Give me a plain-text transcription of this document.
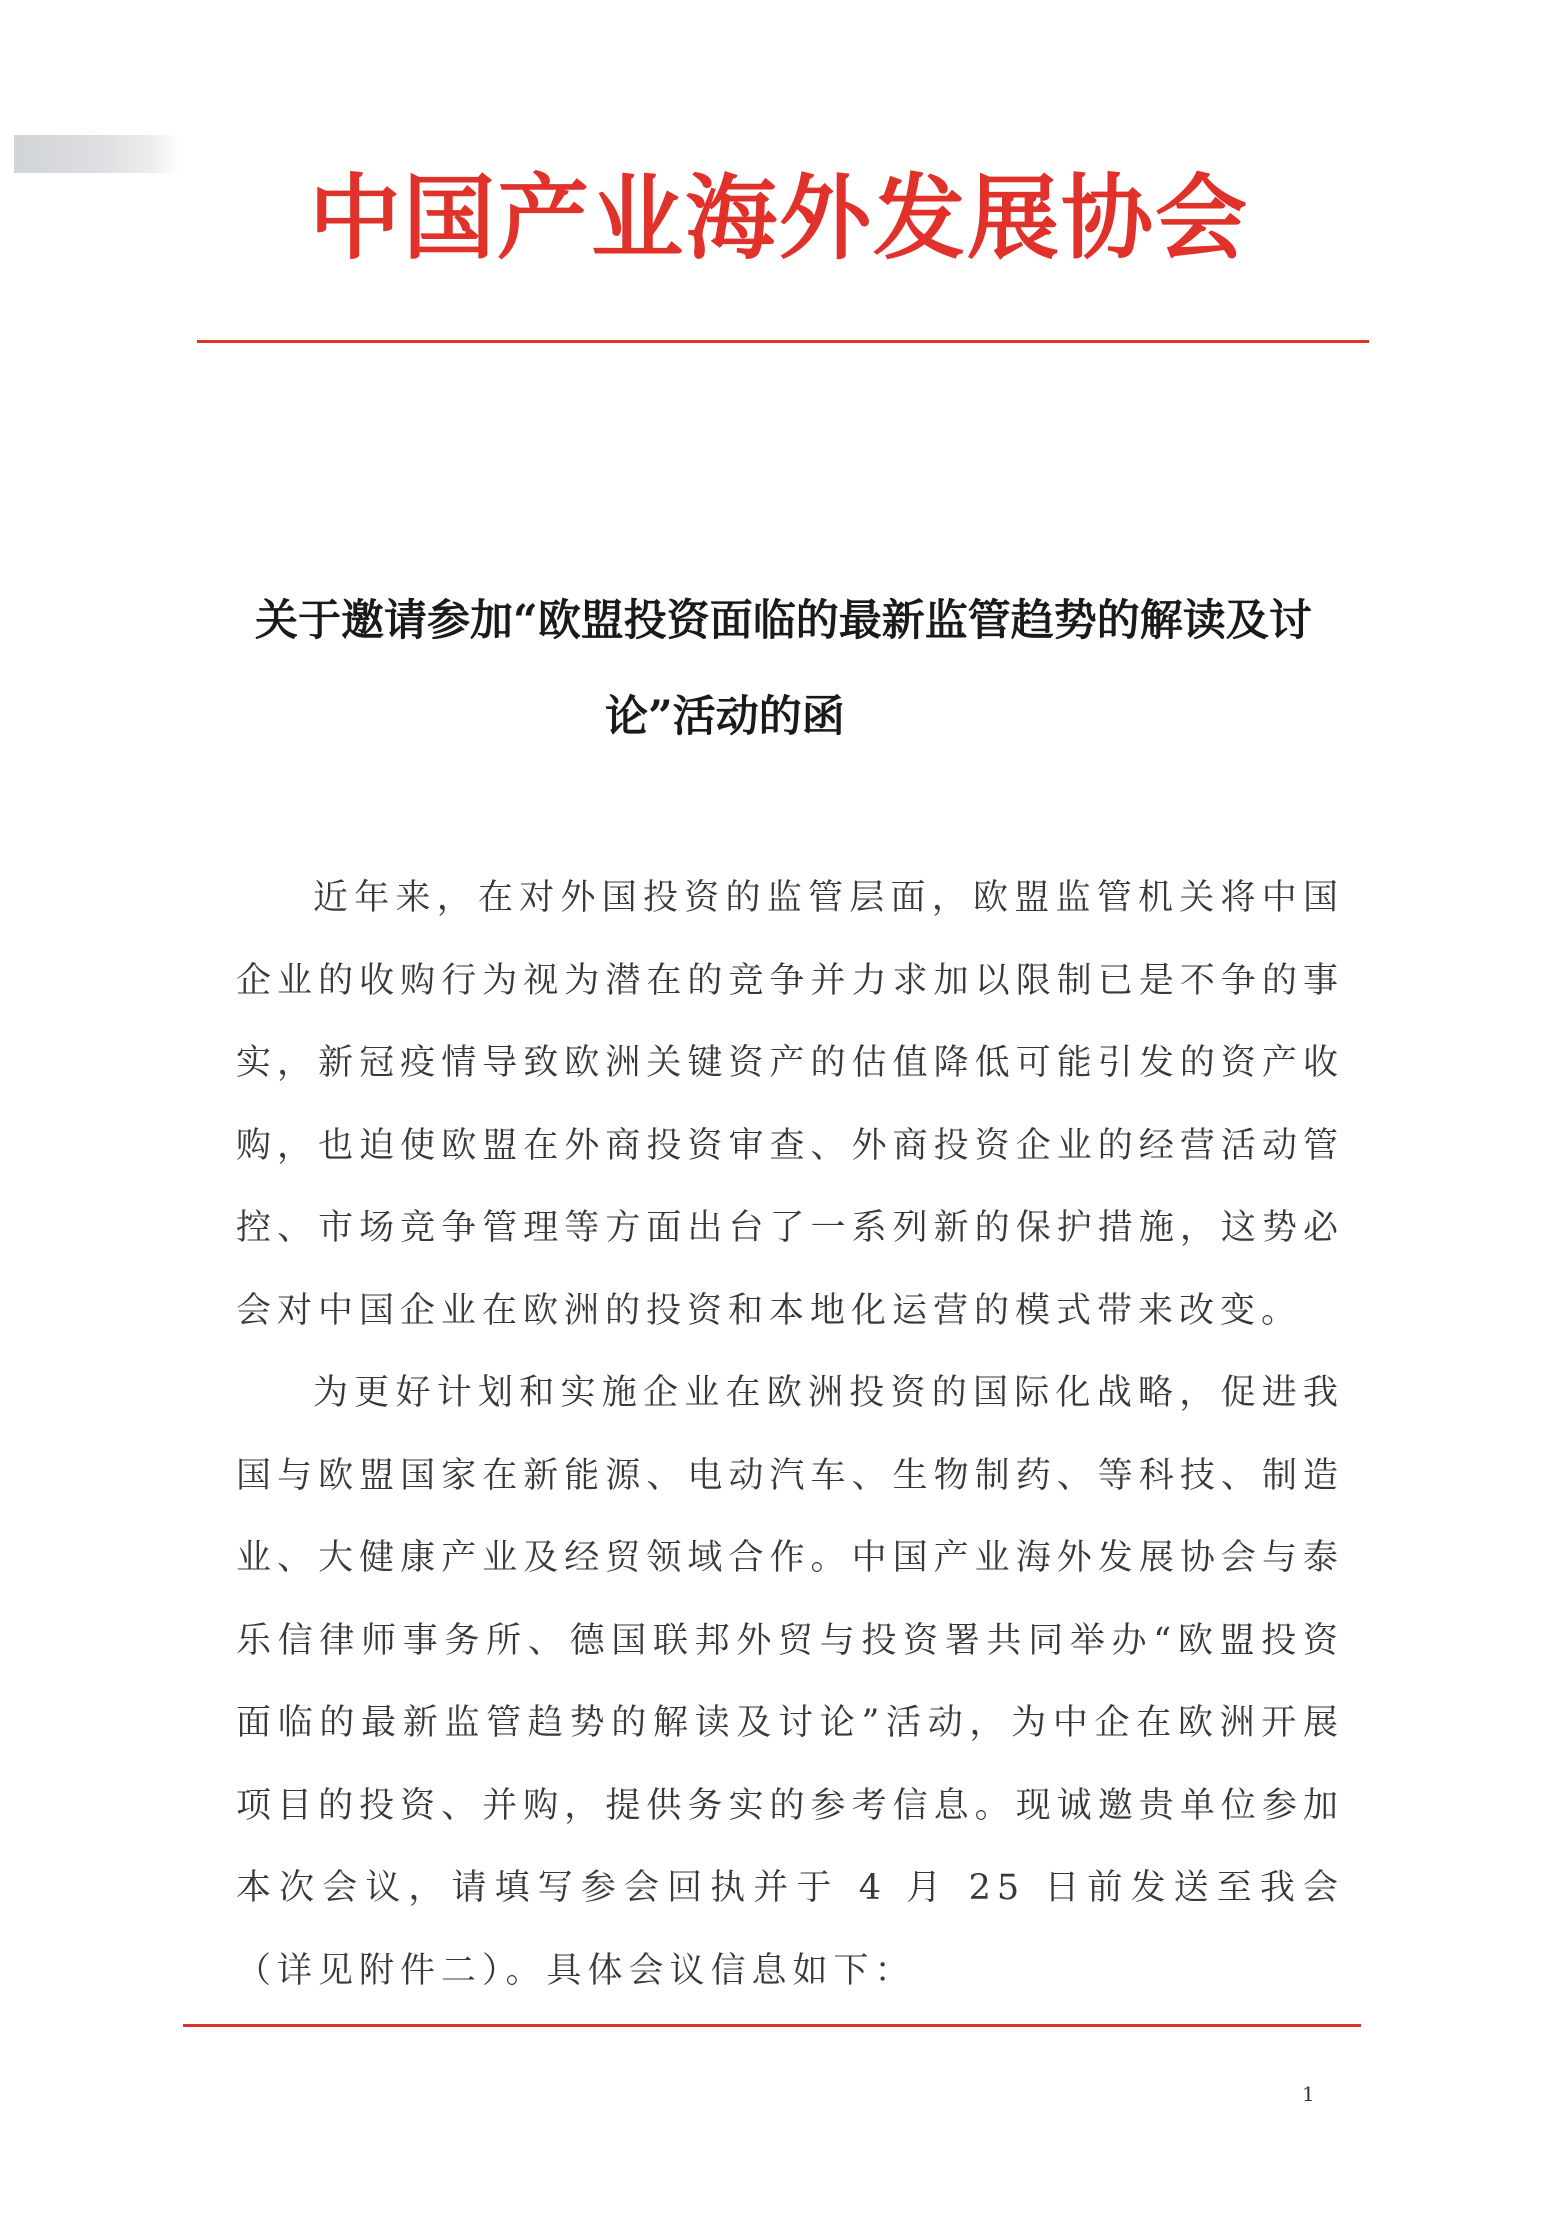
中国产业海外发展协会
关于邀请参加“欧盟投资面临的最新监管趋势的解读及讨
论”活动的函

近年来，在对外国投资的监管层面，欧盟监管机关将中国企业的收购行为视为潜在的竞争并力求加以限制已是不争的事实，新冠疫情导致欧洲关键资产的估值降低可能引发的资产收购，也迫使欧盟在外商投资审查、外商投资企业的经营活动管控、市场竞争管理等方面出台了一系列新的保护措施，这势必会对中国企业在欧洲的投资和本地化运营的模式带来改变。

为更好计划和实施企业在欧洲投资的国际化战略，促进我国与欧盟国家在新能源、电动汽车、生物制药、等科技、制造业、大健康产业及经贸领域合作。中国产业海外发展协会与泰乐信律师事务所、德国联邦外贸与投资署共同举办“欧盟投资面临的最新监管趋势的解读及讨论”活动，为中企在欧洲开展项目的投资、并购，提供务实的参考信息。现诚邀贵单位参加本次会议，请填写参会回执并于 4 月 25 日前发送至我会（详见附件二）。具体会议信息如下：

1
